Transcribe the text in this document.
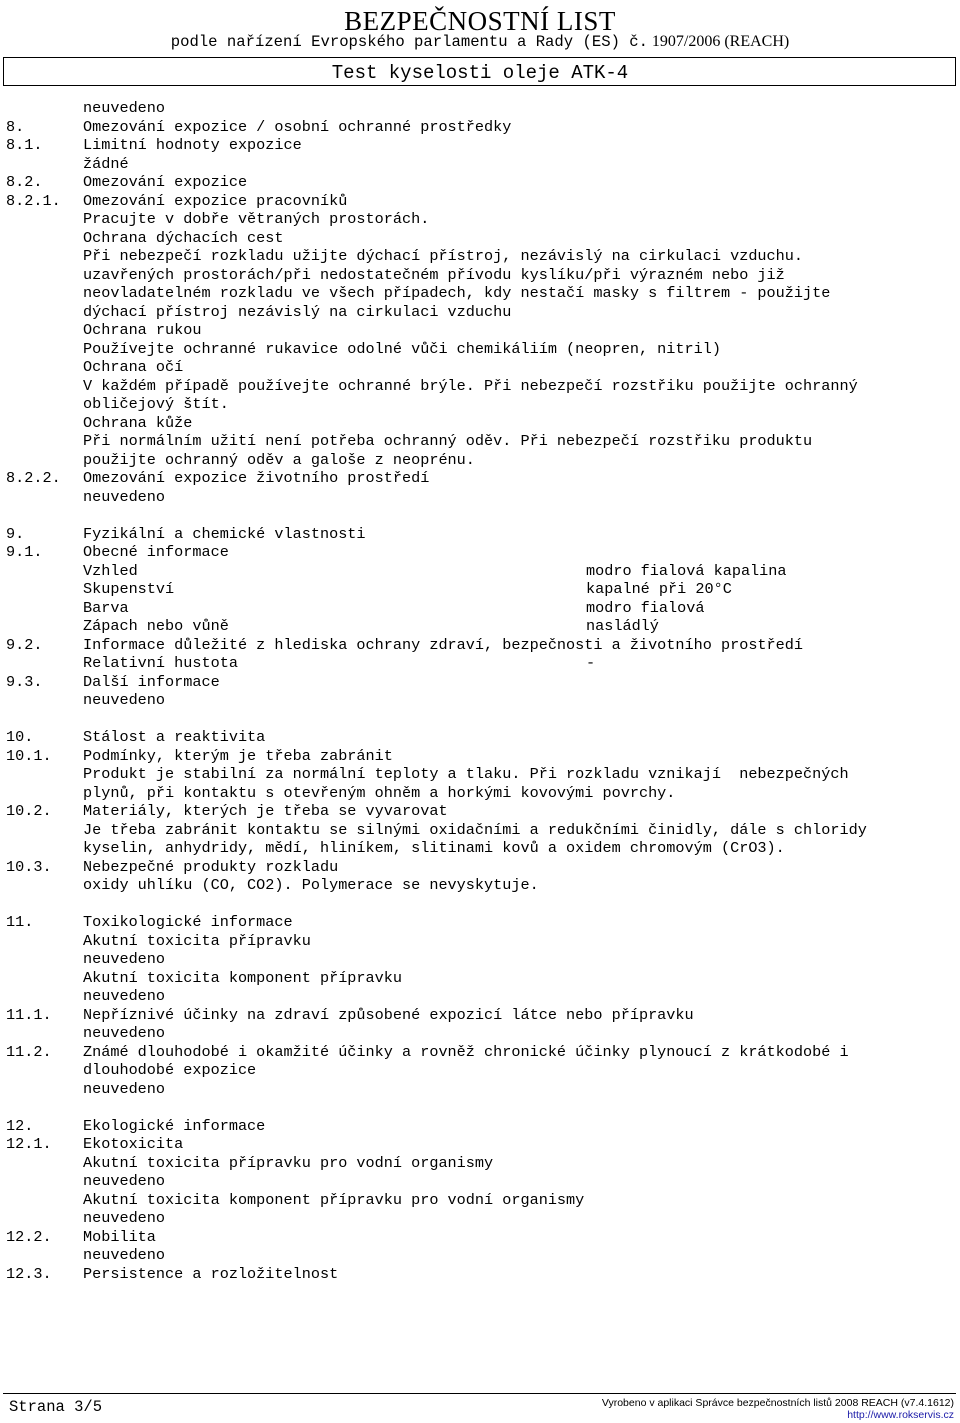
BEZPEČNOSTNÍ LIST
podle nařízení Evropského parlamentu a Rady (ES) č. 1907/2006 (REACH)
Test kyselosti oleje ATK-4
neuvedeno
8.	Omezování expozice / osobní ochranné prostředky
8.1.	Limitní hodnoty expozice
žádné
8.2.	Omezování expozice
8.2.1. Omezování expozice pracovníků
Pracujte v dobře větraných prostorách.
Ochrana dýchacích cest
Při nebezpečí rozkladu užijte dýchací přístroj, nezávislý na cirkulaci vzduchu.
uzavřených prostorách/při nedostatečném přívodu kyslíku/při výrazném nebo již
neovladatelném rozkladu ve všech případech, kdy nestačí masky s filtrem - použijte
dýchací přístroj nezávislý na cirkulaci vzduchu
Ochrana rukou
Používejte ochranné rukavice odolné vůči chemikáliím (neopren, nitril)
Ochrana očí
V každém případě používejte ochranné brýle. Při nebezpečí rozstřiku použijte ochranný
obličejový štít.
Ochrana kůže
Při normálním užití není potřeba ochranný oděv. Při nebezpečí rozstřiku produktu
použijte ochranný oděv a galoše z neoprénu.
8.2.2. Omezování expozice životního prostředí
neuvedeno
9.	Fyzikální a chemické vlastnosti
9.1.	Obecné informace
Vzhled	modro fialová kapalina
Skupenství	kapalné při 20°C
Barva	modro fialová
Zápach nebo vůně	nasládlý
9.2.	Informace důležité z hlediska ochrany zdraví, bezpečnosti a životního prostředí
Relativní hustota	-
9.3.	Další informace
neuvedeno
10.	Stálost a reaktivita
10.1. Podmínky, kterým je třeba zabránit
Produkt je stabilní za normální teploty a tlaku. Při rozkladu vznikají  nebezpečných
plynů, při kontaktu s otevřeným ohněm a horkými kovovými povrchy.
10.2. Materiály, kterých je třeba se vyvarovat
Je třeba zabránit kontaktu se silnými oxidačními a redukčními činidly, dále s chloridy
kyselin, anhydridy, mědí, hliníkem, slitinami kovů a oxidem chromovým (CrO3).
10.3. Nebezpečné produkty rozkladu
oxidy uhlíku (CO, CO2). Polymerace se nevyskytuje.
11.	Toxikologické informace
Akutní toxicita přípravku
neuvedeno
Akutní toxicita komponent přípravku
neuvedeno
11.1. Nepříznivé účinky na zdraví způsobené expozicí látce nebo přípravku
neuvedeno
11.2. Známé dlouhodobé i okamžité účinky a rovněž chronické účinky plynoucí z krátkodobé i
dlouhodobé expozice
neuvedeno
12.	Ekologické informace
12.1. Ekotoxicita
Akutní toxicita přípravku pro vodní organismy
neuvedeno
Akutní toxicita komponent přípravku pro vodní organismy
neuvedeno
12.2. Mobilita
neuvedeno
12.3. Persistence a rozložitelnost
Strana 3/5	Vyrobeno v aplikaci Správce bezpečnostních listů 2008 REACH (v7.4.1612)
http://www.rokservis.cz
